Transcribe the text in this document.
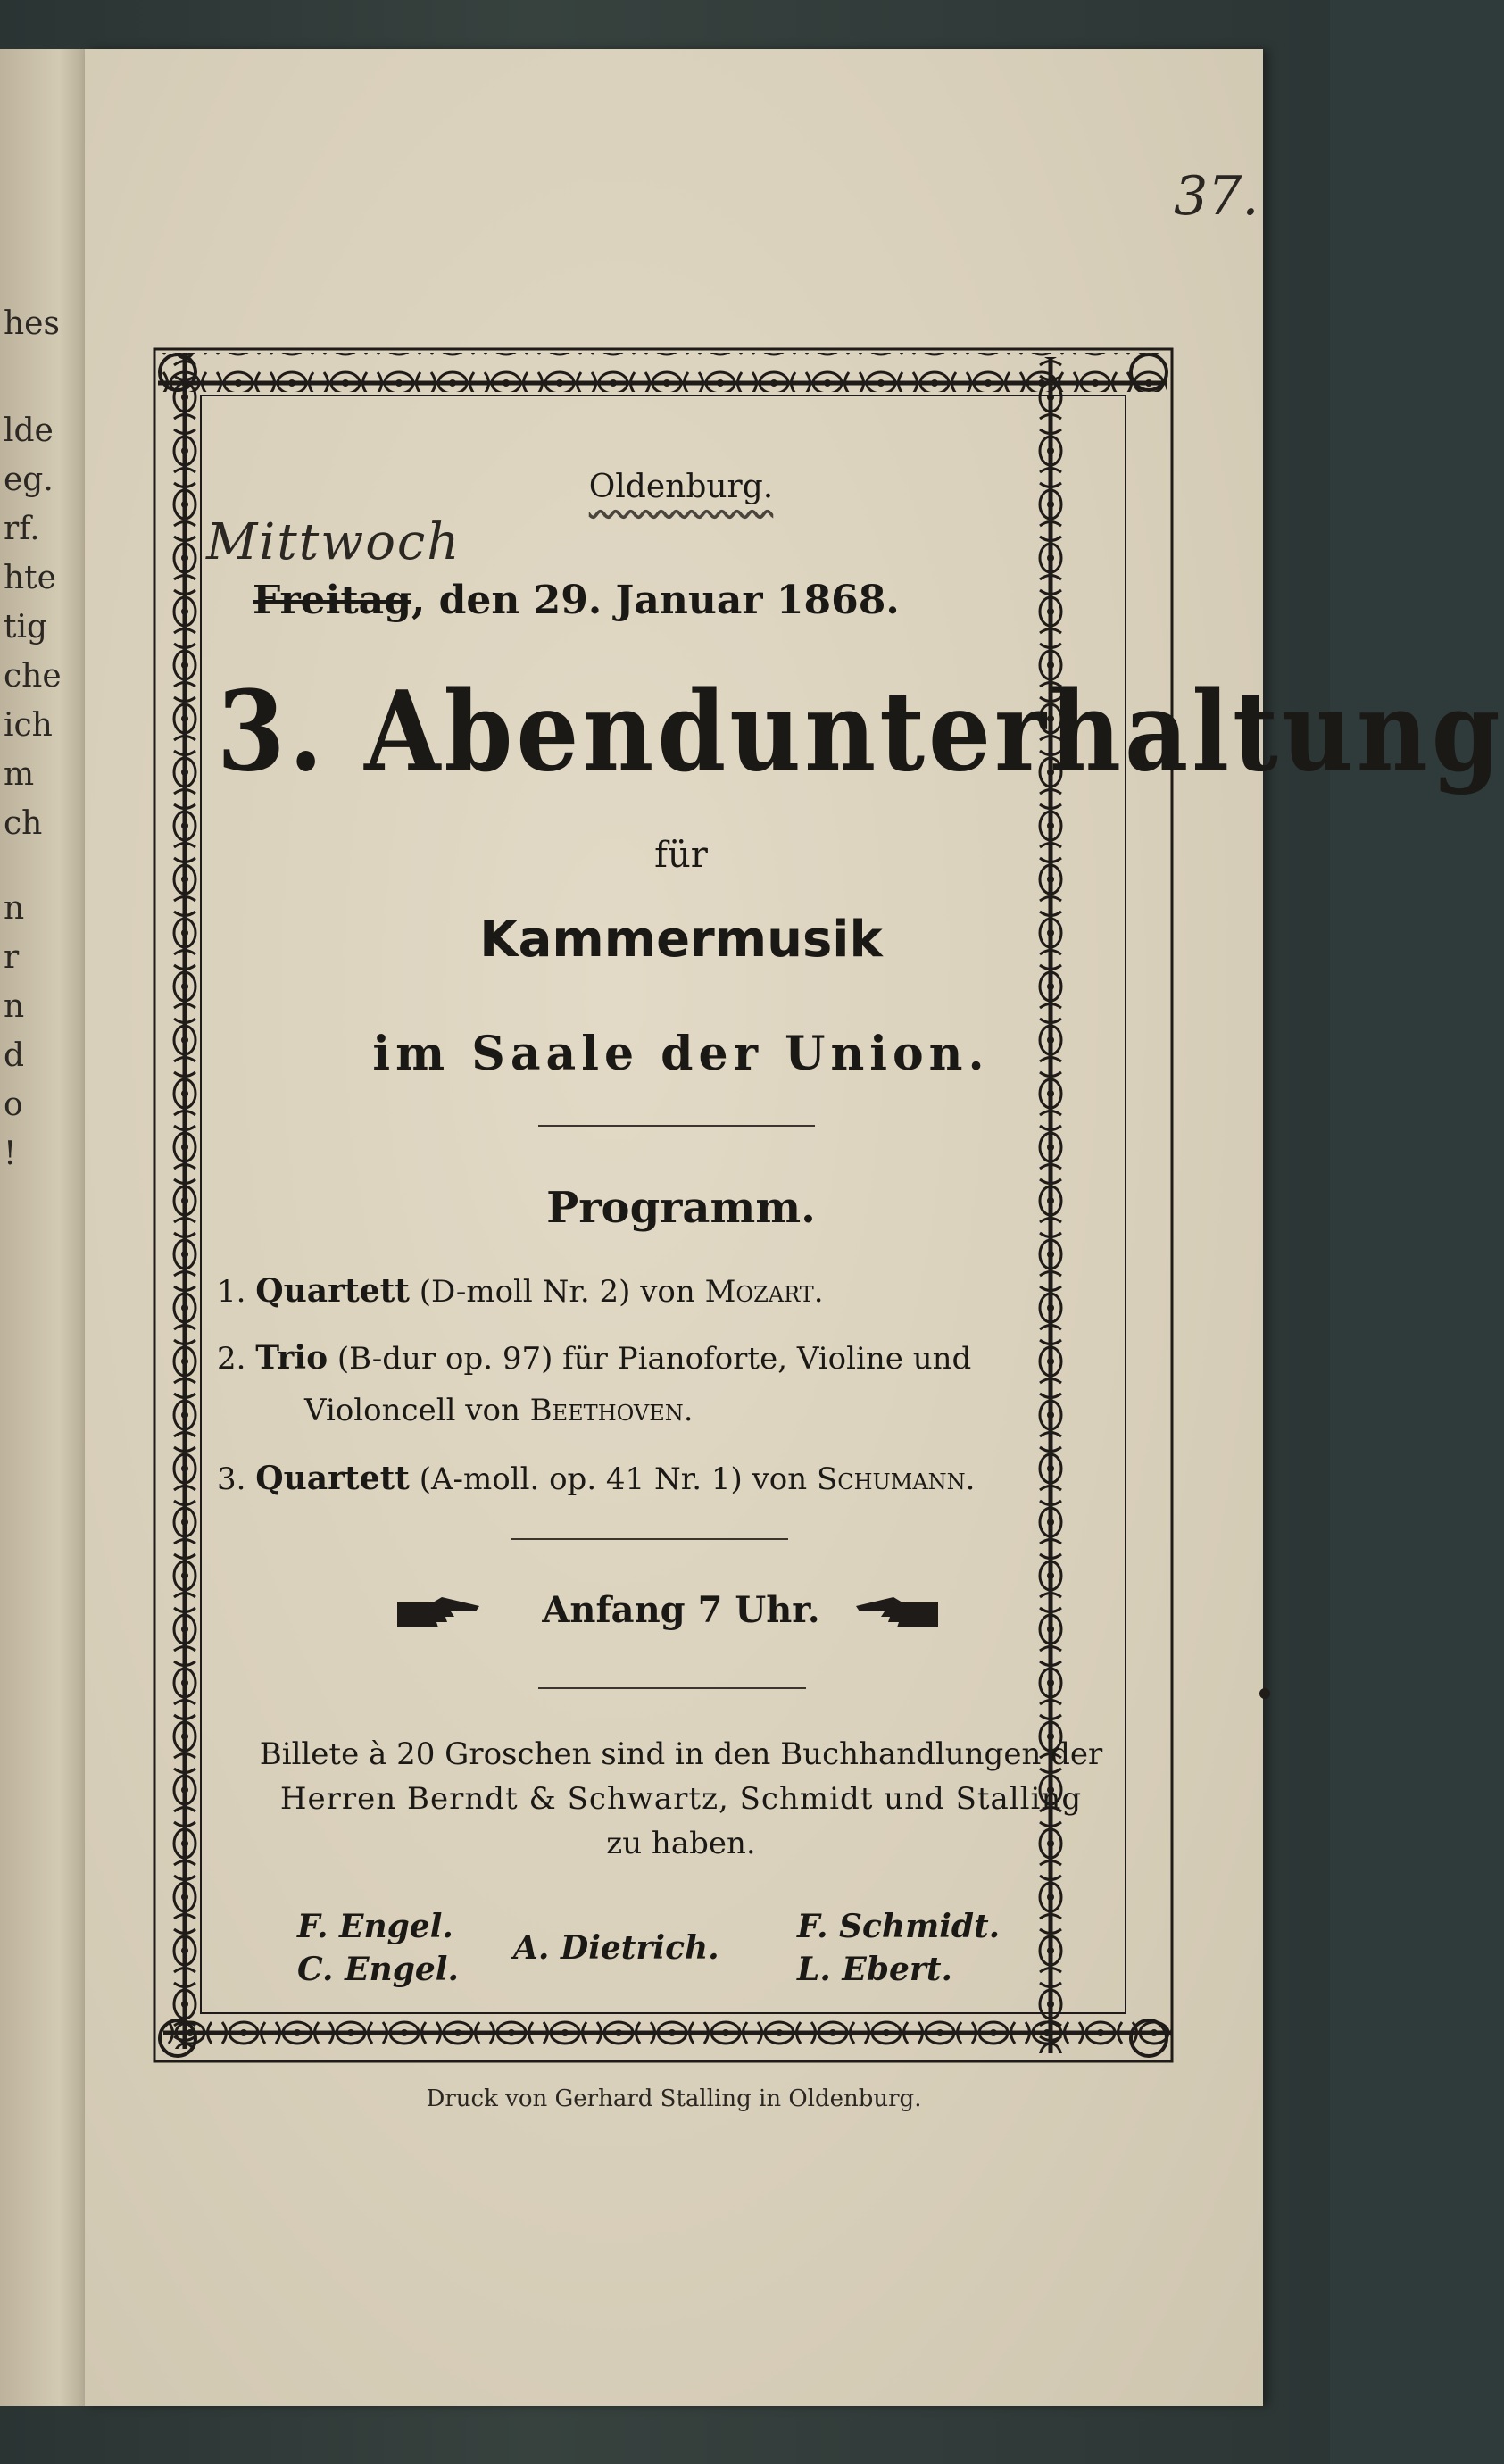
hes
lde
eg.
rf.
hte
tig
che
ich
m
ch
n
r
n
d
o
!
37.
Oldenburg.
Mittwoch
Freitag, den 29. Januar 1868.
3. Abendunterhaltung
für
Kammermusik
im Saale der Union.
Programm.
1. Quartett (D-moll Nr. 2) von Mozart.
2. Trio (B-dur op. 97) für Pianoforte, Violine und
Violoncell von Beethoven.
3. Quartett (A-moll. op. 41 Nr. 1) von Schumann.
Anfang 7 Uhr.
Billete à 20 Groschen sind in den Buchhandlungen der
Herren Berndt & Schwartz, Schmidt und Stalling
zu haben.
F. Engel.
C. Engel.
A. Dietrich.
F. Schmidt.
L. Ebert.
Druck von Gerhard Stalling in Oldenburg.
